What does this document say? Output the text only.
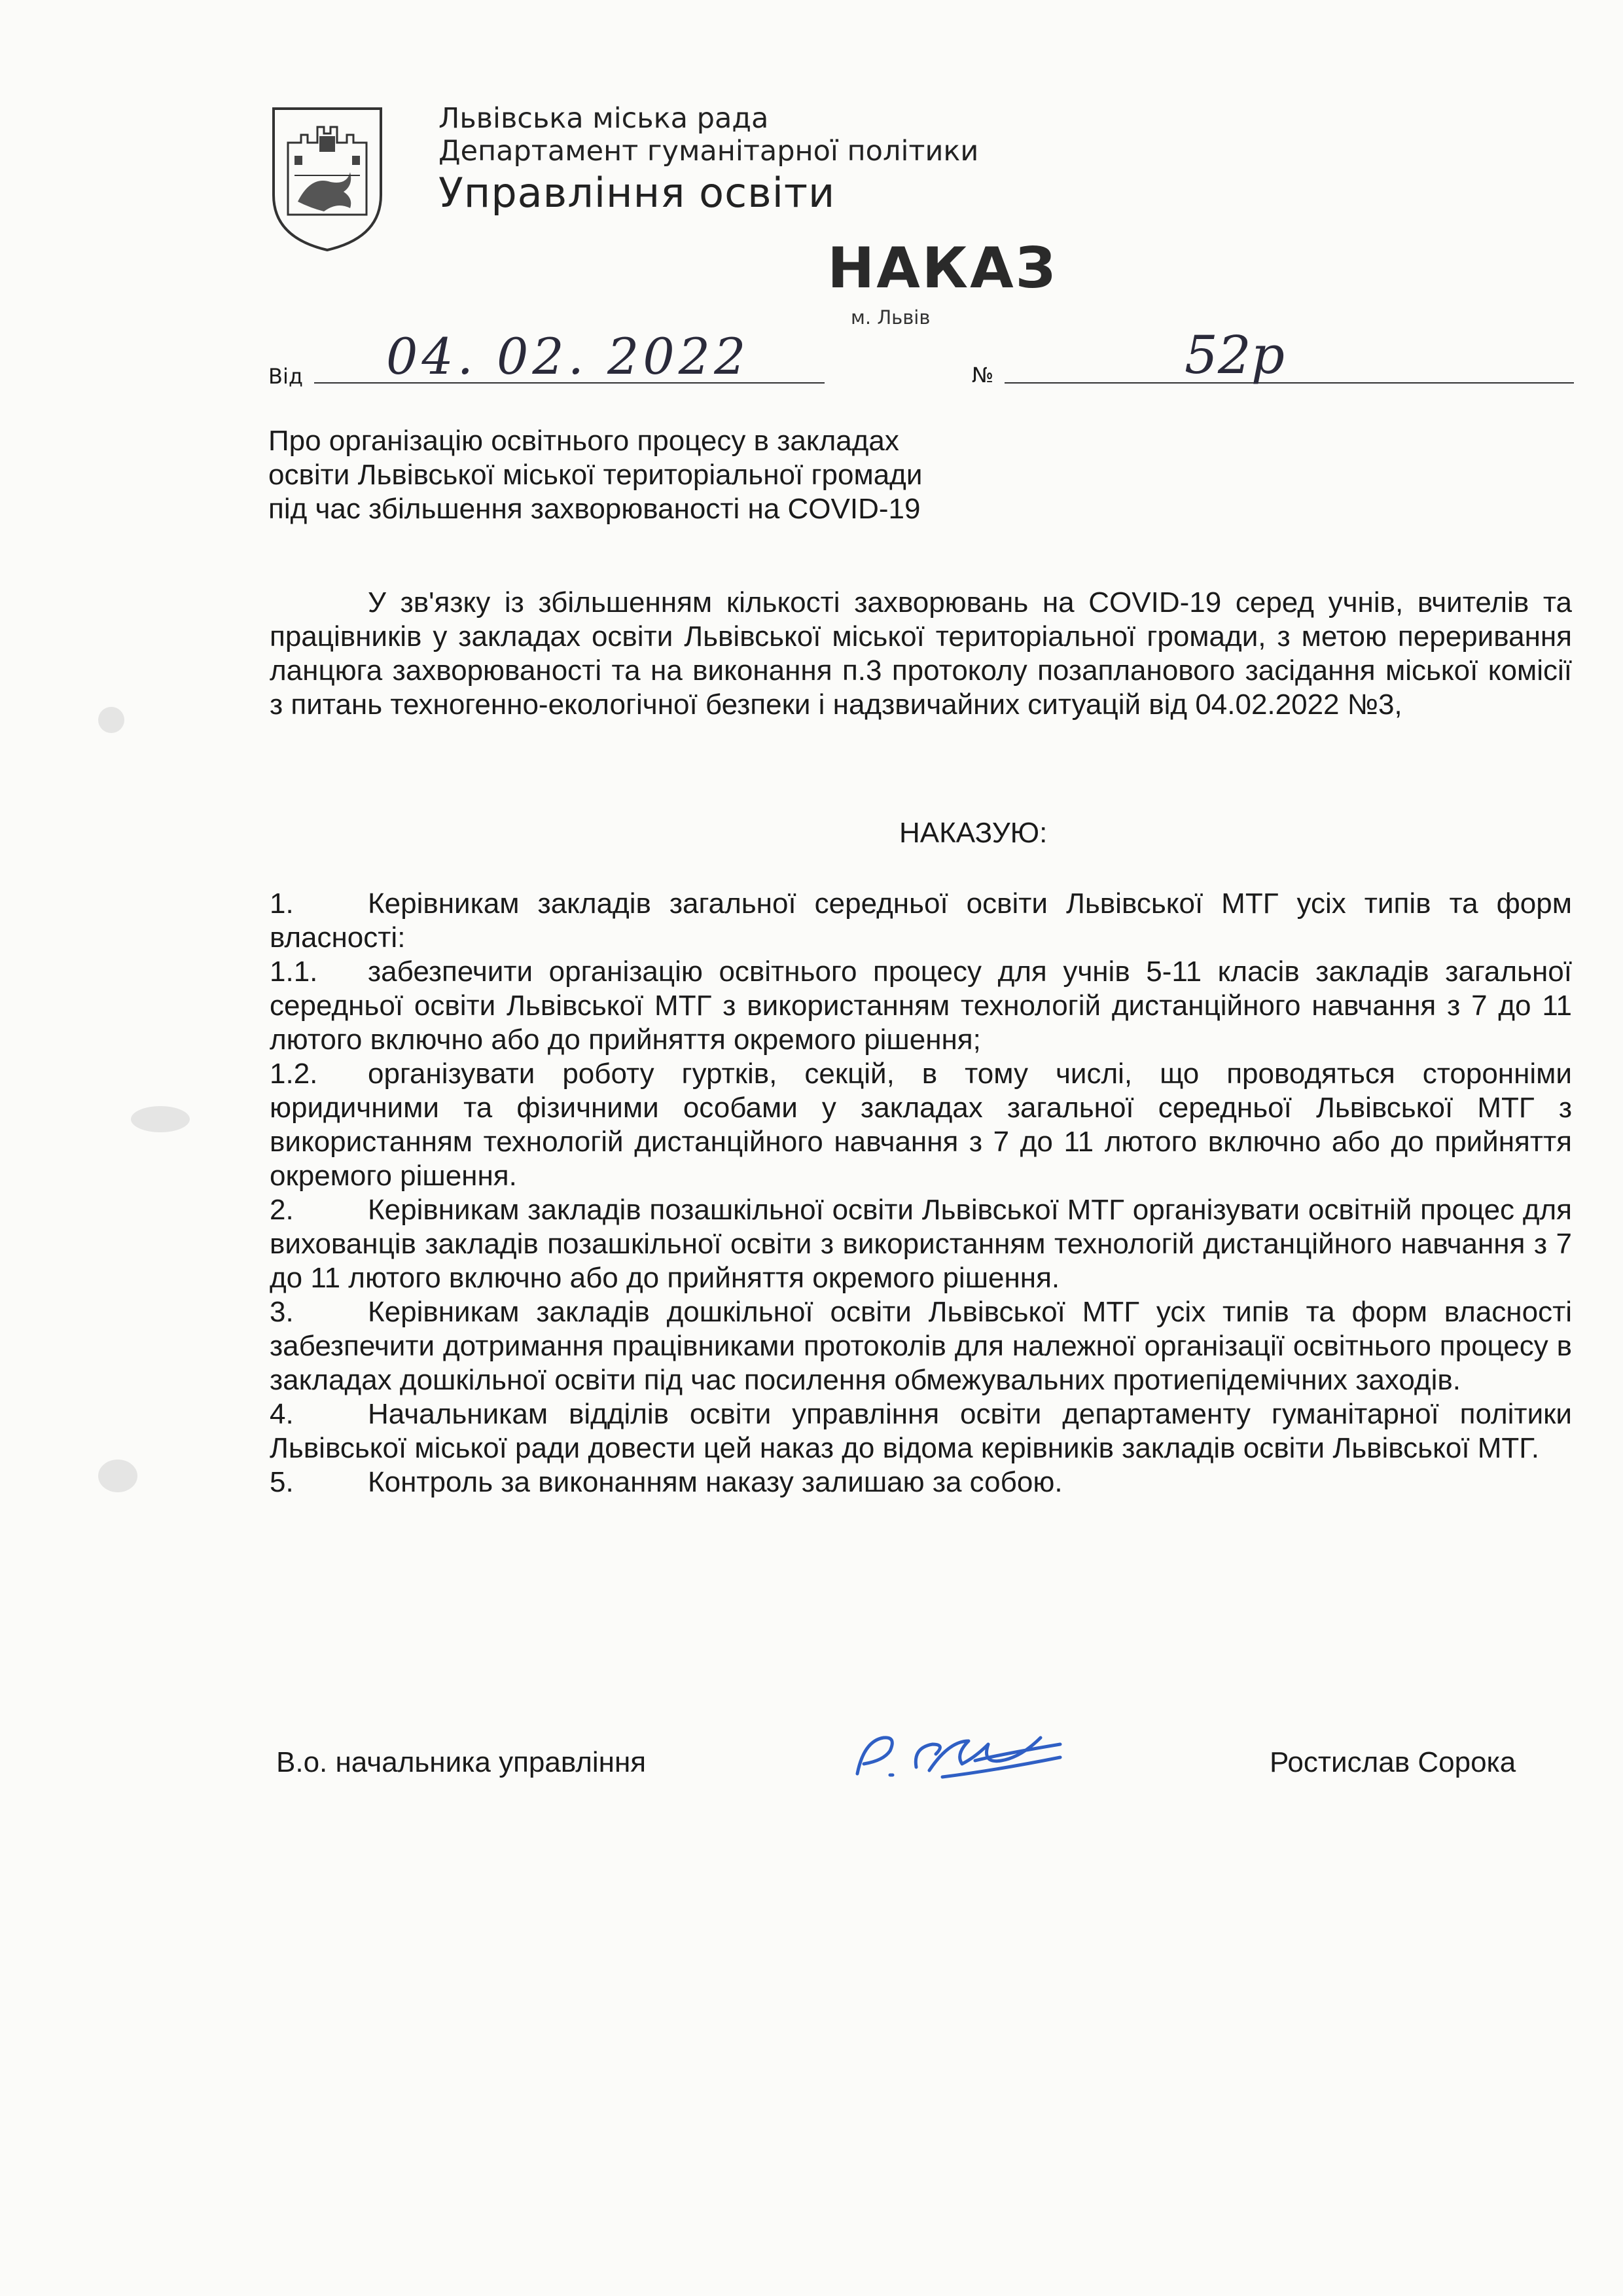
Львівська міська рада
Департамент гуманітарної політики
Управління освіти
НАКАЗ
м. Львів
Від 04. 02. 2022	№	52р
Про організацію освітнього процесу в закладах
освіти Львівської міської територіальної громади
під час збільшення захворюваності на COVID-19
У зв'язку із збільшенням кількості захворювань на COVID-19 серед учнів, вчителів та працівників у закладах освіти Львівської міської територіальної громади, з метою переривання ланцюга захворюваності та на виконання п.3 протоколу позапланового засідання міської комісії з питань техногенно-екологічної безпеки і надзвичайних ситуацій від 04.02.2022 №3,
НАКАЗУЮ:
1.	Керівникам закладів загальної середньої освіти Львівської МТГ усіх типів та форм власності:
1.1. забезпечити організацію освітнього процесу для учнів 5-11 класів закладів загальної середньої освіти Львівської МТГ з використанням технологій дистанційного навчання з 7 до 11 лютого включно або до прийняття окремого рішення;
1.2. організувати роботу гуртків, секцій, в тому числі, що проводяться сторонніми юридичними та фізичними особами у закладах загальної середньої Львівської МТГ з використанням технологій дистанційного навчання з 7 до 11 лютого включно або до прийняття окремого рішення.
2.	Керівникам закладів позашкільної освіти Львівської МТГ організувати освітній процес для вихованців закладів позашкільної освіти з використанням технологій дистанційного навчання з 7 до 11 лютого включно або до прийняття окремого рішення.
3.	Керівникам закладів дошкільної освіти Львівської МТГ усіх типів та форм власності забезпечити дотримання працівниками протоколів для належної організації освітнього процесу в закладах дошкільної освіти під час посилення обмежувальних протиепідемічних заходів.
4.	Начальникам відділів освіти управління освіти департаменту гуманітарної політики Львівської міської ради довести цей наказ до відома керівників закладів освіти Львівської МТГ.
5.	Контроль за виконанням наказу залишаю за собою.
В.о. начальника управління	Ростислав Сорока
